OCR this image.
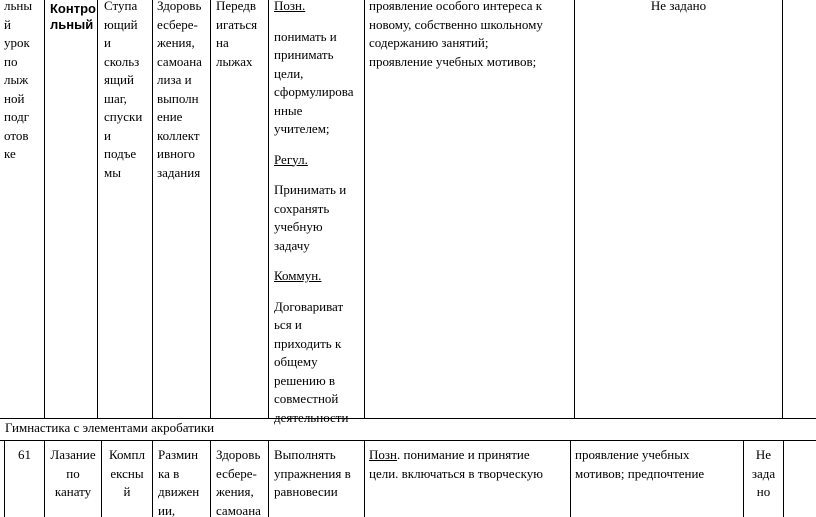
льны
й
урок
по
лыж
ной
подг
отов
ке
Контро
льный
Ступа
ющий
и
скольз
ящий
шаг,
спуски
и
подъе
мы
Здоровь
есбере-
жения,
самоана
лиза и
выполн
ение
коллект
ивного
задания
Передв
игаться
на
лыжах
Позн.
понимать и
принимать
цели,
сформулирова
нные
учителем;
Регул.
Принимать и
сохранять
учебную
задачу
Коммун.
Договариват
ься и
приходить к
общему
решению в
совместной
деятельности
проявление особого интереса к
новому, собственно школьному
содержанию занятий;
проявление учебных мотивов;
Не задано
Гимнастика с элементами акробатики
61	Лазание
по
канату
Компл
ексны
й
Размин
ка в
движен
ии,
Здоровь
есбере-
жения,
самоана
Выполнять
упражнения в
равновесии
Позн. понимание и принятие
цели. включаться в творческую
проявление учебных
мотивов; предпочтение
Не
зада
но
